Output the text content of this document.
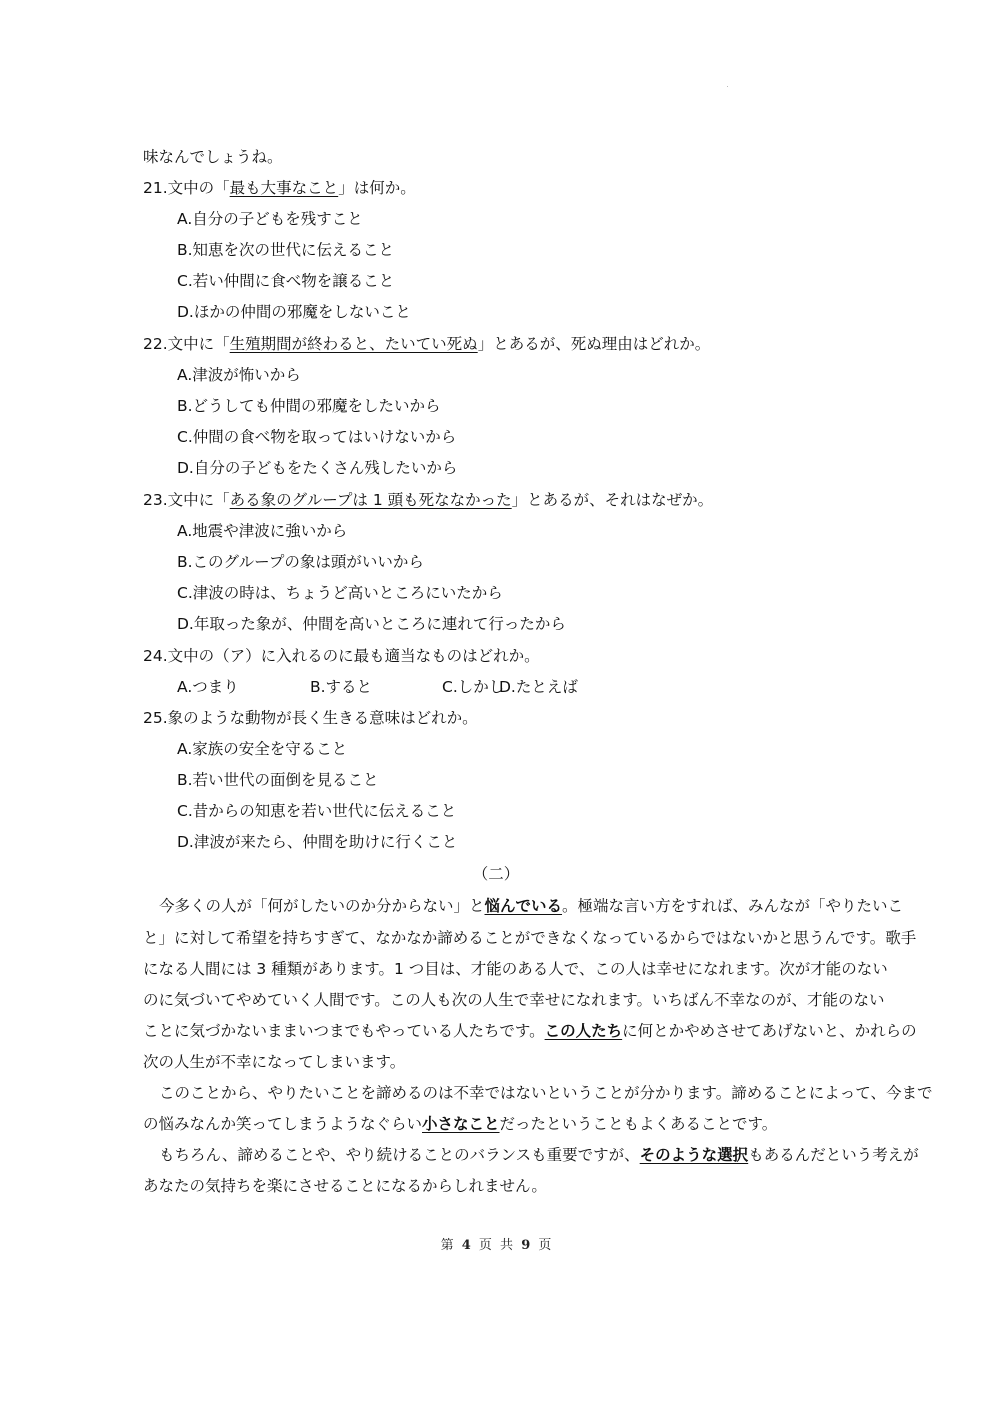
味なんでしょうね。
21.文中の「最も大事なこと」は何か。
A.自分の子どもを残すこと
B.知恵を次の世代に伝えること
C.若い仲間に食べ物を譲ること
D.ほかの仲間の邪魔をしないこと
22.文中に「生殖期間が終わると、たいてい死ぬ」とあるが、死ぬ理由はどれか。
A.津波が怖いから
B.どうしても仲間の邪魔をしたいから
C.仲間の食べ物を取ってはいけないから
D.自分の子どもをたくさん残したいから
23.文中に「ある象のグループは 1 頭も死ななかった」とあるが、それはなぜか。
A.地震や津波に強いから
B.このグループの象は頭がいいから
C.津波の時は、ちょうど高いところにいたから
D.年取った象が、仲間を高いところに連れて行ったから
24.文中の（ア）に入れるのに最も適当なものはどれか。
A.つまり	B.すると	C.しかし
D.たとえば
25.象のような動物が長く生きる意味はどれか。
A.家族の安全を守ること
B.若い世代の面倒を見ること
C.昔からの知恵を若い世代に伝えること
D.津波が来たら、仲間を助けに行くこと
（二）
今多くの人が「何がしたいのか分からない」と悩んでいる。極端な言い方をすれば、みんなが「やりたいこ
と」に対して希望を持ちすぎて、なかなか諦めることができなくなっているからではないかと思うんです。歌手
になる人間には 3 種類があります。1 つ目は、才能のある人で、この人は幸せになれます。次が才能のない
のに気づいてやめていく人間です。この人も次の人生で幸せになれます。いちばん不幸なのが、才能のない
ことに気づかないままいつまでもやっている人たちです。この人たちに何とかやめさせてあげないと、かれらの
次の人生が不幸になってしまいます。
このことから、やりたいことを諦めるのは不幸ではないということが分かります。諦めることによって、今まで
の悩みなんか笑ってしまうようなぐらい小さなことだったということもよくあることです。
もちろん、諦めることや、やり続けることのバランスも重要ですが、そのような選択もあるんだという考えが
あなたの気持ちを楽にさせることになるからしれません。
第 4 页 共 9 页
